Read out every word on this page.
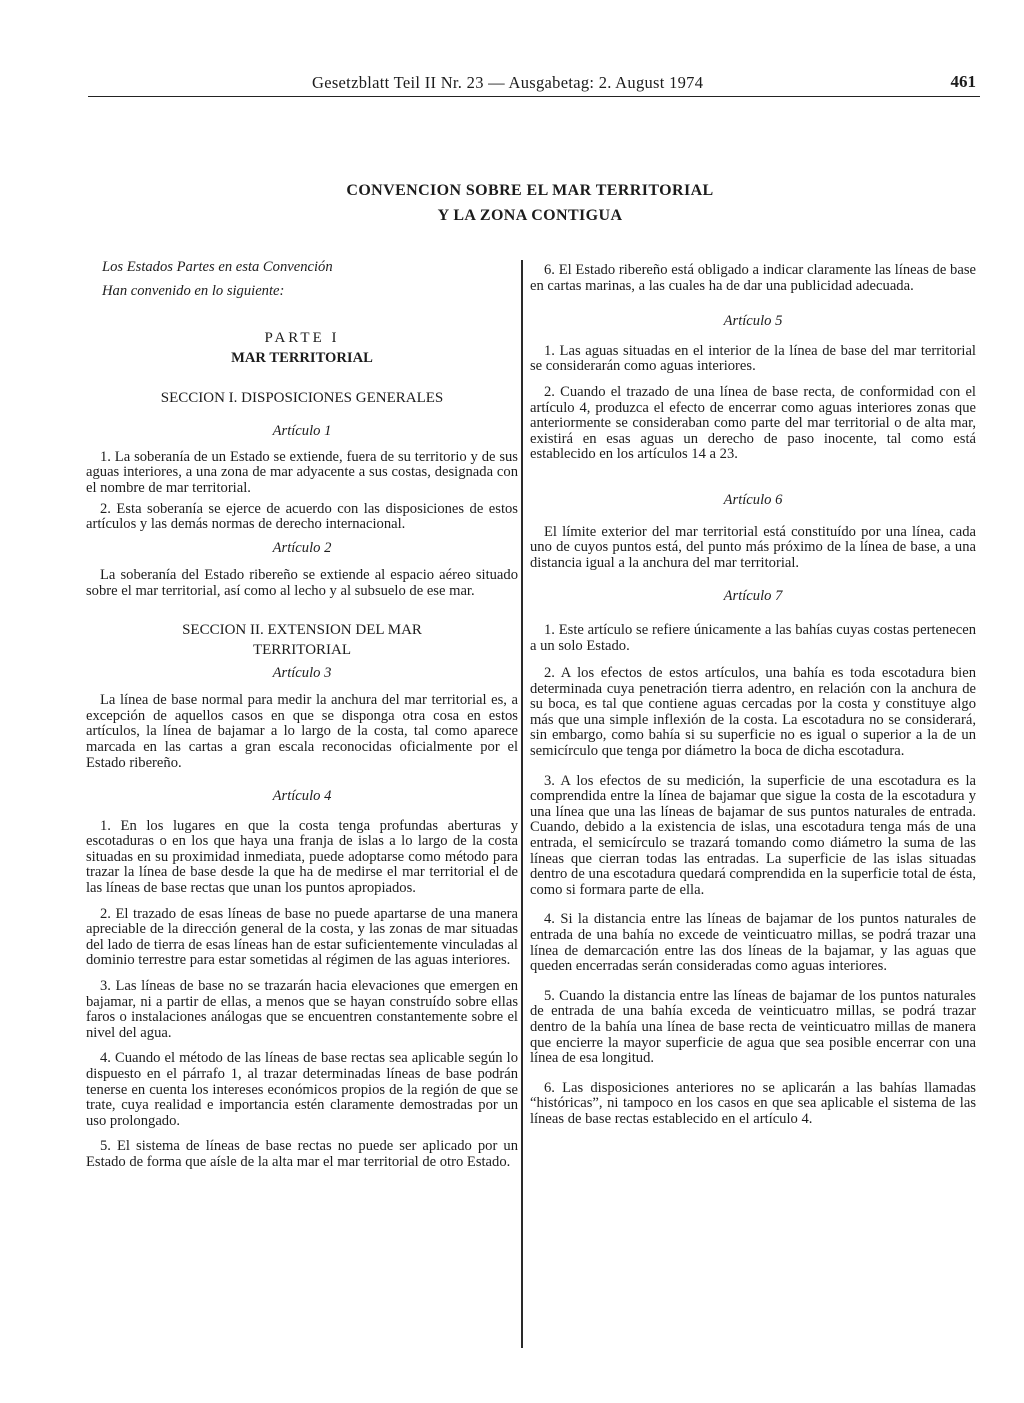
Gesetzblatt Teil II Nr. 23 — Ausgabetag: 2. August 1974	461
CONVENCION SOBRE EL MAR TERRITORIAL
Y LA ZONA CONTIGUA

Los Estados Partes en esta Convención

Han convenido en lo siguiente:

PARTE I

MAR TERRITORIAL

SECCION I. DISPOSICIONES GENERALES

Artículo 1

1. La soberanía de un Estado se extiende, fuera de su territorio y de sus aguas interiores, a una zona de mar adyacente a sus costas, designada con el nombre de mar territorial.

2. Esta soberanía se ejerce de acuerdo con las disposiciones de estos artículos y las demás normas de derecho internacional.

Artículo 2

La soberanía del Estado ribereño se extiende al espacio aéreo situado sobre el mar territorial, así como al lecho y al subsuelo de ese mar.

SECCION II. EXTENSION DEL MAR

TERRITORIAL

Artículo 3

La línea de base normal para medir la anchura del mar territorial es, a excepción de aquellos casos en que se disponga otra cosa en estos artículos, la línea de bajamar a lo largo de la costa, tal como aparece marcada en las cartas a gran escala reconocidas oficialmente por el Estado ribereño.

Artículo 4

1. En los lugares en que la costa tenga profundas aberturas y escotaduras o en los que haya una franja de islas a lo largo de la costa situadas en su proximidad inmediata, puede adoptarse como método para trazar la línea de base desde la que ha de medirse el mar territorial el de las líneas de base rectas que unan los puntos apropiados.

2. El trazado de esas líneas de base no puede apartarse de una manera apreciable de la dirección general de la costa, y las zonas de mar situadas del lado de tierra de esas líneas han de estar suficientemente vinculadas al dominio terrestre para estar sometidas al régimen de las aguas interiores.

3. Las líneas de base no se trazarán hacia elevaciones que emergen en bajamar, ni a partir de ellas, a menos que se hayan construído sobre ellas faros o instalaciones análogas que se encuentren constantemente sobre el nivel del agua.

4. Cuando el método de las líneas de base rectas sea aplicable según lo dispuesto en el párrafo 1, al trazar determinadas líneas de base podrán tenerse en cuenta los intereses económicos propios de la región de que se trate, cuya realidad e importancia estén claramente demostradas por un uso prolongado.

5. El sistema de líneas de base rectas no puede ser aplicado por un Estado de forma que aísle de la alta mar el mar territorial de otro Estado.

6. El Estado ribereño está obligado a indicar claramente las líneas de base en cartas marinas, a las cuales ha de dar una publicidad adecuada.

Artículo 5

1. Las aguas situadas en el interior de la línea de base del mar territorial se considerarán como aguas interiores.

2. Cuando el trazado de una línea de base recta, de conformidad con el artículo 4, produzca el efecto de encerrar como aguas interiores zonas que anteriormente se consideraban como parte del mar territorial o de alta mar, existirá en esas aguas un derecho de paso inocente, tal como está establecido en los artículos 14 a 23.

Artículo 6

El límite exterior del mar territorial está constituído por una línea, cada uno de cuyos puntos está, del punto más próximo de la línea de base, a una distancia igual a la anchura del mar territorial.

Artículo 7

1. Este artículo se refiere únicamente a las bahías cuyas costas pertenecen a un solo Estado.

2. A los efectos de estos artículos, una bahía es toda escotadura bien determinada cuya penetración tierra adentro, en relación con la anchura de su boca, es tal que contiene aguas cercadas por la costa y constituye algo más que una simple inflexión de la costa. La escotadura no se considerará, sin embargo, como bahía si su superficie no es igual o superior a la de un semicírculo que tenga por diámetro la boca de dicha escotadura.

3. A los efectos de su medición, la superficie de una escotadura es la comprendida entre la línea de bajamar que sigue la costa de la escotadura y una línea que una las líneas de bajamar de sus puntos naturales de entrada. Cuando, debido a la existencia de islas, una escotadura tenga más de una entrada, el semicírculo se trazará tomando como diámetro la suma de las líneas que cierran todas las entradas. La superficie de las islas situadas dentro de una escotadura quedará comprendida en la superficie total de ésta, como si formara parte de ella.

4. Si la distancia entre las líneas de bajamar de los puntos naturales de entrada de una bahía no excede de veinticuatro millas, se podrá trazar una línea de demarcación entre las dos líneas de la bajamar, y las aguas que queden encerradas serán consideradas como aguas interiores.

5. Cuando la distancia entre las líneas de bajamar de los puntos naturales de entrada de una bahía exceda de veinticuatro millas, se podrá trazar dentro de la bahía una línea de base recta de veinticuatro millas de manera que encierre la mayor superficie de agua que sea posible encerrar con una línea de esa longitud.

6. Las disposiciones anteriores no se aplicarán a las bahías llamadas “históricas”, ni tampoco en los casos en que sea aplicable el sistema de las líneas de base rectas establecido en el artículo 4.
